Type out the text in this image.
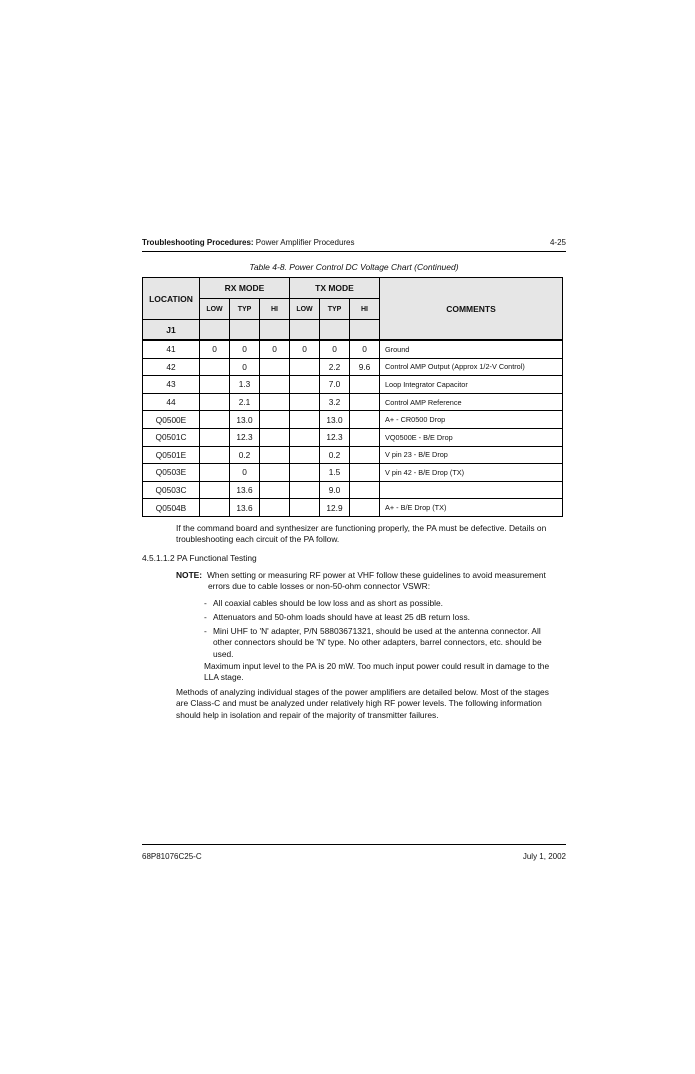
Troubleshooting Procedures: Power Amplifier Procedures	4-25
Table 4-8. Power Control DC Voltage Chart (Continued)
LOCATION	RX MODE			TX MODE			COMMENTS
	LOW	TYP	HI	LOW	TYP	HI	
J1							
41	0	0	0	0	0	0	Ground
42		0			2.2	9.6	Control AMP Output (Approx 1/2-V Control)
43		1.3			7.0		Loop Integrator Capacitor
44		2.1			3.2		Control AMP Reference
Q0500E		13.0			13.0		A+ - CR0500 Drop
Q0501C		12.3			12.3		VQ0500E - B/E Drop
Q0501E		0.2			0.2		V pin 23 - B/E Drop
Q0503E		0			1.5		V pin 42 - B/E Drop (TX)
Q0503C		13.6			9.0		
Q0504B		13.6			12.9		A+ - B/E Drop (TX)
If the command board and synthesizer are functioning properly, the PA must be defective. Details on
troubleshooting each circuit of the PA follow.
4.5.1.1.2 PA Functional Testing
NOTE: When setting or measuring RF power at VHF follow these guidelines to avoid measurement
errors due to cable losses or non-50-ohm connector VSWR:
- All coaxial cables should be low loss and as short as possible.
- Attenuators and 50-ohm loads should have at least 25 dB return loss.
- Mini UHF to 'N' adapter, P/N 58803671321, should be used at the antenna connector. All
other connectors should be 'N' type. No other adapters, barrel connectors, etc. should be
used.
Maximum input level to the PA is 20 mW. Too much input power could result in damage to the
LLA stage.
Methods of analyzing individual stages of the power amplifiers are detailed below. Most of the stages
are Class-C and must be analyzed under relatively high RF power levels. The following information
should help in isolation and repair of the majority of transmitter failures.
68P81076C25-C	July 1, 2002
